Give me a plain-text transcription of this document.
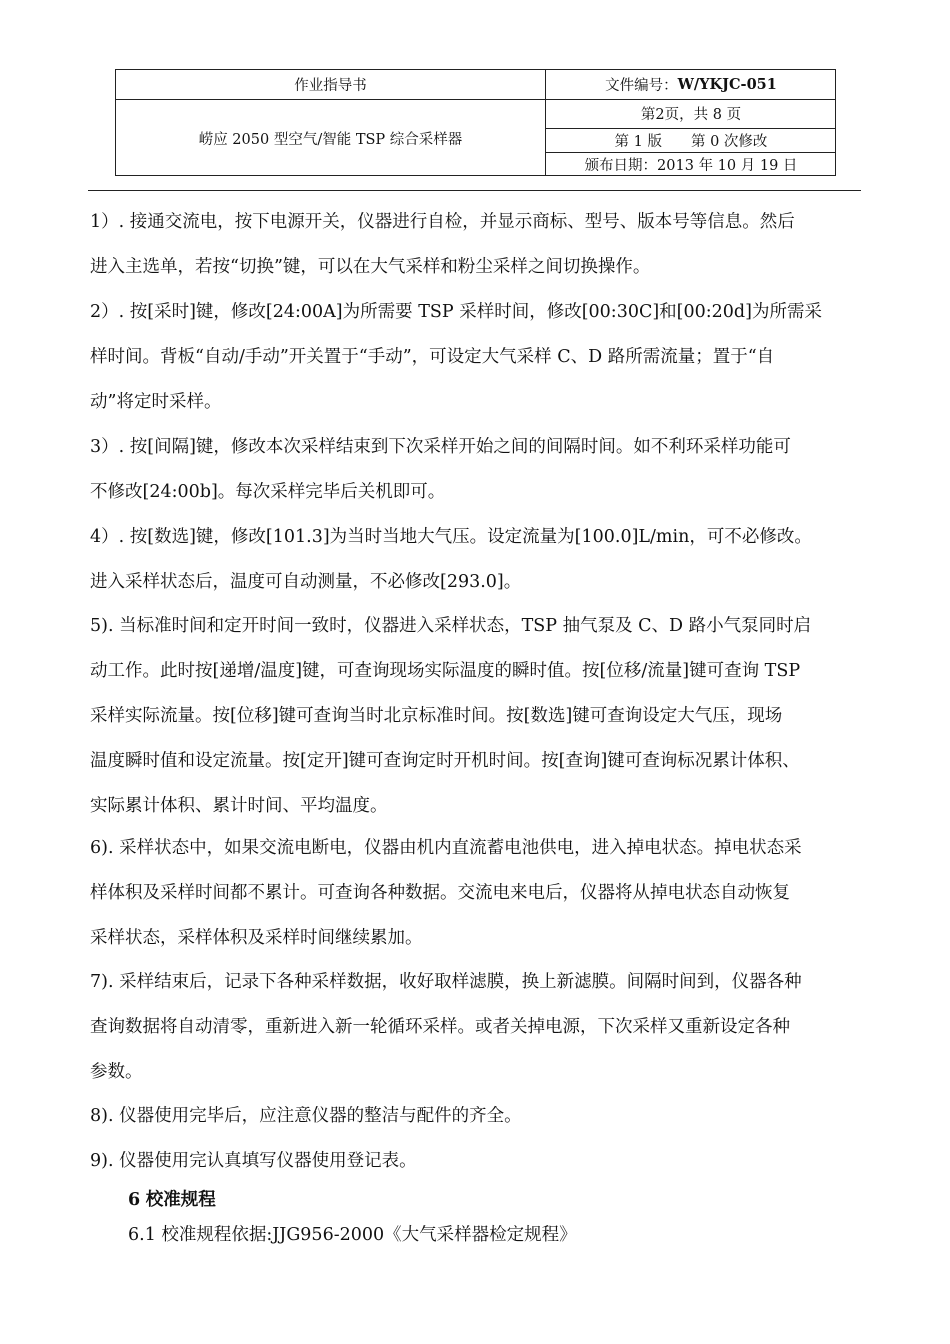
作业指导书	文件编号： W/YKJC-051
崂应 2050 型空气/智能 TSP 综合采样器
第2页，共 8 页
第 1 版　　第 0 次修改
颁布日期：2013 年 10 月 19 日
1）. 接通交流电，按下电源开关，仪器进行自检，并显示商标、型号、版本号等信息。然后
进入主选单，若按“切换”键，可以在大气采样和粉尘采样之间切换操作。
2）. 按[采时]键，修改[24:00A]为所需要 TSP 采样时间，修改[00:30C]和[00:20d]为所需采
样时间。背板“自动/手动”开关置于“手动”，可设定大气采样 C、D 路所需流量；置于“自
动”将定时采样。
3）. 按[间隔]键，修改本次采样结束到下次采样开始之间的间隔时间。如不利环采样功能可
不修改[24:00b]。每次采样完毕后关机即可。
4）. 按[数选]键，修改[101.3]为当时当地大气压。设定流量为[100.0]L/min，可不必修改。
进入采样状态后，温度可自动测量，不必修改[293.0]。
5). 当标准时间和定开时间一致时，仪器进入采样状态，TSP 抽气泵及 C、D 路小气泵同时启
动工作。此时按[递增/温度]键，可查询现场实际温度的瞬时值。按[位移/流量]键可查询 TSP
采样实际流量。按[位移]键可查询当时北京标准时间。按[数选]键可查询设定大气压，现场
温度瞬时值和设定流量。按[定开]键可查询定时开机时间。按[查询]键可查询标况累计体积、
实际累计体积、累计时间、平均温度。
6). 采样状态中，如果交流电断电，仪器由机内直流蓄电池供电，进入掉电状态。掉电状态采
样体积及采样时间都不累计。可查询各种数据。交流电来电后，仪器将从掉电状态自动恢复
采样状态，采样体积及采样时间继续累加。
7). 采样结束后，记录下各种采样数据，收好取样滤膜，换上新滤膜。间隔时间到，仪器各种
查询数据将自动清零，重新进入新一轮循环采样。或者关掉电源，下次采样又重新设定各种
参数。
8). 仪器使用完毕后，应注意仪器的整洁与配件的齐全。
9). 仪器使用完认真填写仪器使用登记表。
6 校准规程
6.1 校准规程依据:JJG956-2000《大气采样器检定规程》
